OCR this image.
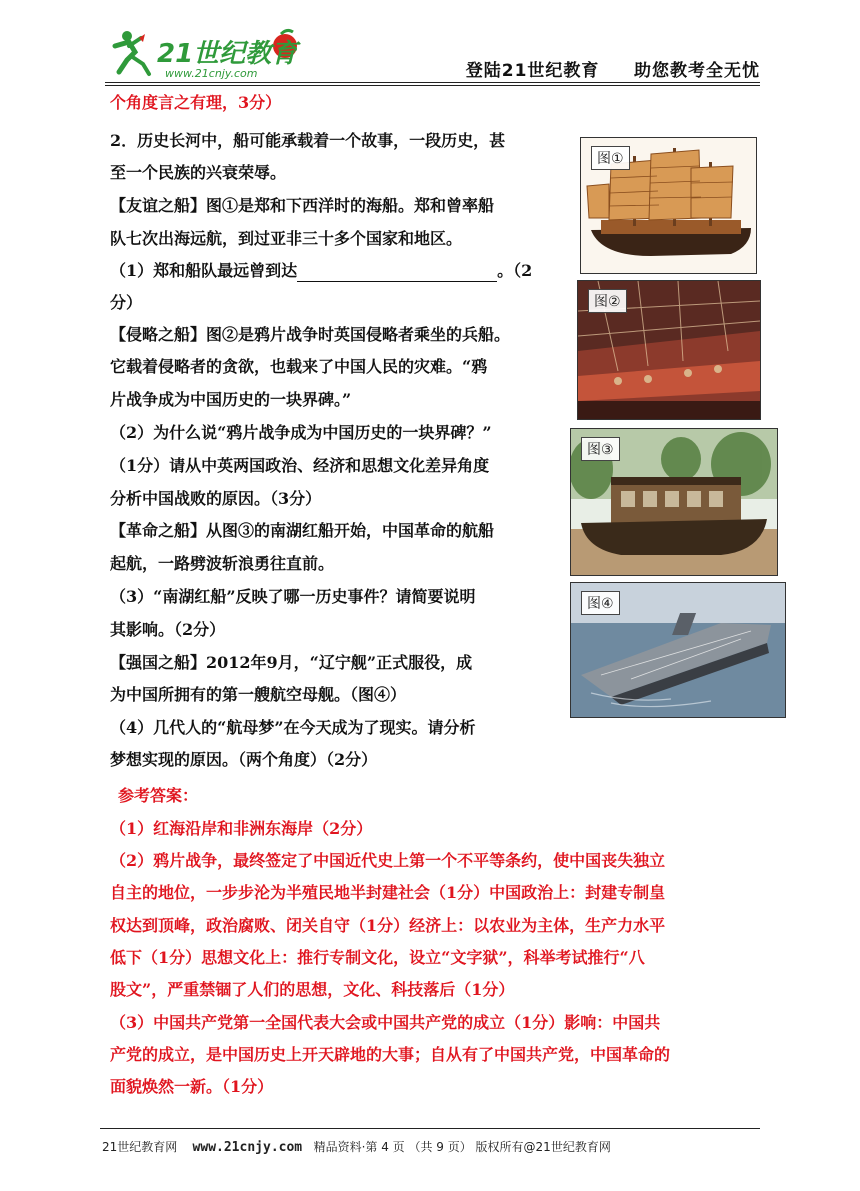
21世纪教育
www.21cnjy.com	登陆21世纪教育 助您教考全无忧
个角度言之有理，3分）
2．历史长河中，船可能承载着一个故事，一段历史，甚
至一个民族的兴衰荣辱。
【友谊之船】图①是郑和下西洋时的海船。郑和曾率船
队七次出海远航，到过亚非三十多个国家和地区。
（1）郑和船队最远曾到达	。（2
分）
【侵略之船】图②是鸦片战争时英国侵略者乘坐的兵船。
它载着侵略者的贪欲，也载来了中国人民的灾难。“鸦
片战争成为中国历史的一块界碑。”
（2）为什么说“鸦片战争成为中国历史的一块界碑？”
（1分）请从中英两国政治、经济和思想文化差异角度
分析中国战败的原因。（3分）
【革命之船】从图③的南湖红船开始，中国革命的航船
起航，一路劈波斩浪勇往直前。
（3）“南湖红船”反映了哪一历史事件？请简要说明
其影响。（2分）
【强国之船】2012年9月，“辽宁舰”正式服役，成
为中国所拥有的第一艘航空母舰。（图④）
（4）几代人的“航母梦”在今天成为了现实。请分析
梦想实现的原因。（两个角度）（2分）
参考答案：
（1）红海沿岸和非洲东海岸（2分）
（2）鸦片战争，最终签定了中国近代史上第一个不平等条约，使中国丧失独立
自主的地位，一步步沦为半殖民地半封建社会（1分）中国政治上：封建专制皇
权达到顶峰，政治腐败、闭关自守（1分）经济上：以农业为主体，生产力水平
低下（1分）思想文化上：推行专制文化，设立“文字狱”，科举考试推行“八
股文”，严重禁锢了人们的思想，文化、科技落后（1分）
（3）中国共产党第一全国代表大会或中国共产党的成立（1分）影响：中国共
产党的成立，是中国历史上开天辟地的大事；自从有了中国共产党，中国革命的
面貌焕然一新。（1分）
图①
图②
图③
图④
21世纪教育网 www.21cnjy.com 精品资料·第 4 页 （共 9 页） 版权所有@21世纪教育网
